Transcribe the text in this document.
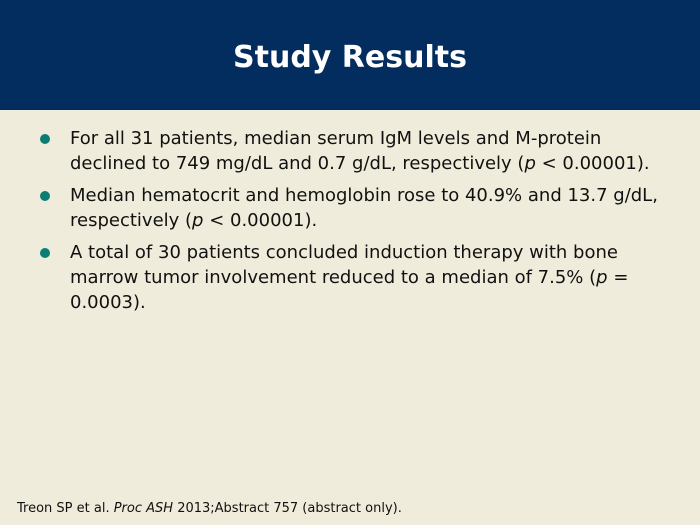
Study Results
For all 31 patients, median serum IgM levels and M-protein declined to 749 mg/dL and 0.7 g/dL, respectively (p < 0.00001).
Median hematocrit and hemoglobin rose to 40.9% and 13.7 g/dL, respectively (p < 0.00001).
A total of 30 patients concluded induction therapy with bone marrow tumor involvement reduced to a median of 7.5% (p = 0.0003).
Treon SP et al. Proc ASH 2013;Abstract 757 (abstract only).
